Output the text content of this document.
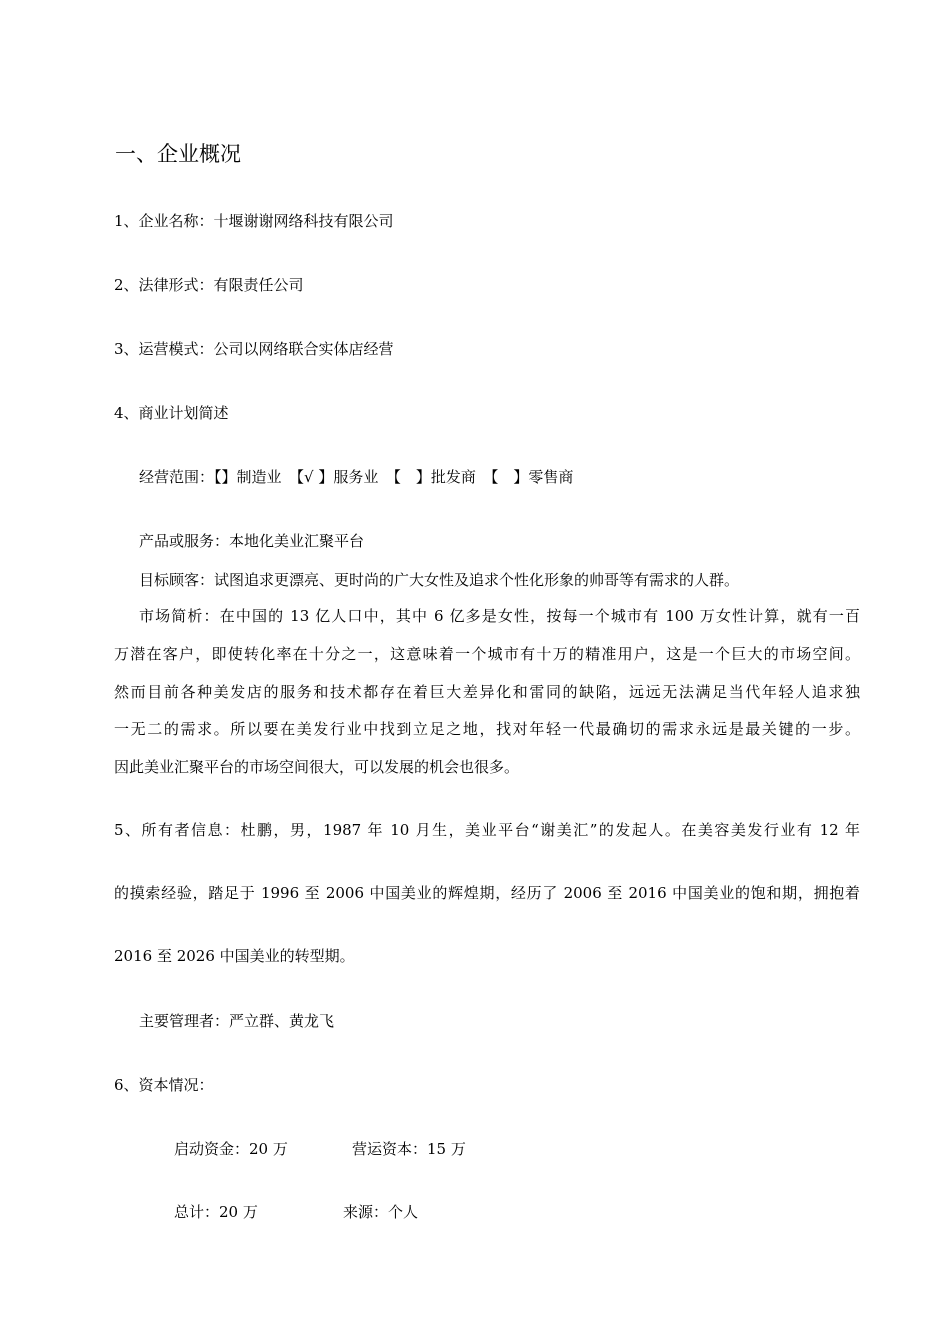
一、企业概况
1、企业名称：十堰谢谢网络科技有限公司
2、法律形式：有限责任公司
3、运营模式：公司以网络联合实体店经营
4、商业计划简述
经营范围：【】制造业　【√ 】服务业　【　】批发商　【　】零售商
产品或服务：本地化美业汇聚平台
目标顾客：试图追求更漂亮、更时尚的广大女性及追求个性化形象的帅哥等有需求的人群。
市场简析：在中国的 13 亿人口中，其中 6 亿多是女性，按每一个城市有 100 万女性计算，就有一百
万潜在客户，即使转化率在十分之一，这意味着一个城市有十万的精准用户，这是一个巨大的市场空间。
然而目前各种美发店的服务和技术都存在着巨大差异化和雷同的缺陷，远远无法满足当代年轻人追求独
一无二的需求。所以要在美发行业中找到立足之地，找对年轻一代最确切的需求永远是最关键的一步。
因此美业汇聚平台的市场空间很大，可以发展的机会也很多。
5、所有者信息：杜鹏，男，1987 年 10 月生，美业平台“谢美汇”的发起人。在美容美发行业有 12 年
的摸索经验，踏足于 1996 至 2006 中国美业的辉煌期，经历了 2006 至 2016 中国美业的饱和期，拥抱着
2016 至 2026 中国美业的转型期。
主要管理者：严立群、黄龙飞
6、资本情况：
启动资金：20 万	营运资本：15 万
总计：20 万	来源：个人
